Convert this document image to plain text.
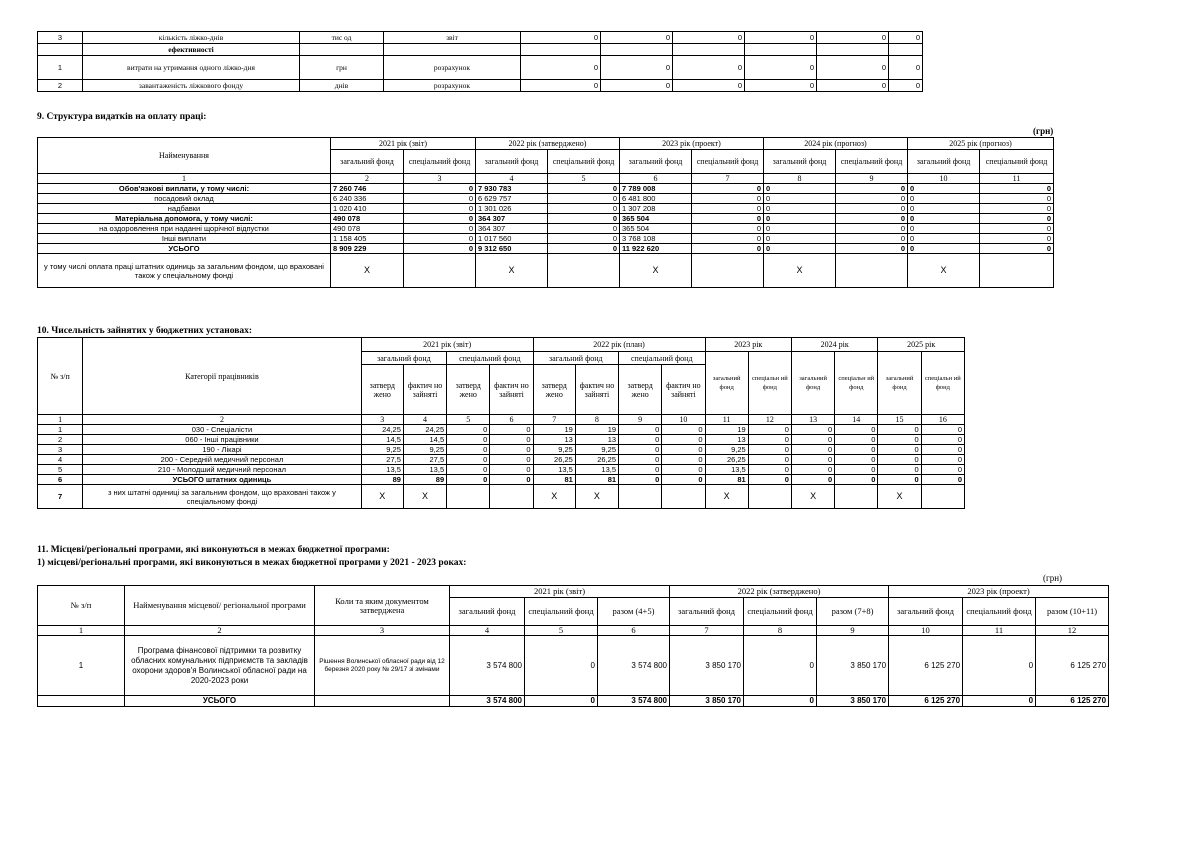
3	кількість ліжко-днів	тис од	звіт	0	0	0	0	0	0	
	ефективності									
1	витрати на утримання одного ліжко-дня	грн	розрахунок	0	0	0	0	0	0	
2	завантаженість ліжкового фонду	днів	розрахунок	0	0	0	0	0	0	
9. Структура видатків на оплату праці:
(грн)
Найменування	2021 рік (звіт)		2022 рік (затверджено)		2023 рік (проект)		2024 рік (прогноз)		2025 рік (прогноз)	
	загальний фонд	спеціальний фонд	загальний фонд	спеціальний фонд	загальний фонд	спеціальний фонд	загальний фонд	спеціальний фонд	загальний фонд	спеціальний фонд
1	2	3	4	5	6	7	8	9	10	11
Обов'язкові виплати, у тому числі:	7 260 746	0	7 930 783	0	7 789 008	0	0	0	0	0
посадовий оклад	6 240 336	0	6 629 757	0	6 481 800	0	0	0	0	0
надбавки	1 020 410	0	1 301 026	0	1 307 208	0	0	0	0	0
Матеріальна допомога, у тому числі:	490 078	0	364 307	0	365 504	0	0	0	0	0
на оздоровлення при наданні щорічної відпустки	490 078	0	364 307	0	365 504	0	0	0	0	0
Інші виплати	1 158 405	0	1 017 560	0	3 768 108	0	0	0	0	0
УСЬОГО	8 909 229	0	9 312 650	0	11 922 620	0	0	0	0	0
у тому числі оплата праці штатних одиниць за загальним фондом, що враховані також у спеціальному фонді	X		X		X		X		X	
10. Чисельність зайнятих у бюджетних установах:
№ з/п	Категорії працівників	2021 рік (звіт)				2022 рік (план)				2023 рік		2024 рік		2025 рік	
		загальний фонд		спеціальний фонд		загальний фонд		спеціальний фонд		загальний фонд	спеціальн ий фонд	загальний фонд	спеціальн ий фонд	загальний фонд	спеціальн ий фонд
		затверд жено	фактич но зайняті	затверд жено	фактич но зайняті	затверд жено	фактич но зайняті	затверд жено	фактич но зайняті						
1	2	3	4	5	6	7	8	9	10	11	12	13	14	15	16
1	030 - Спеціалісти	24,25	24,25	0	0	19	19	0	0	19	0	0	0	0	0
2	060 - Інші працівники	14,5	14,5	0	0	13	13	0	0	13	0	0	0	0	0
3	190 - Лікарі	9,25	9,25	0	0	9,25	9,25	0	0	9,25	0	0	0	0	0
4	200 - Середній медичний персонал	27,5	27,5	0	0	26,25	26,25	0	0	26,25	0	0	0	0	0
5	210 - Молодший медичний персонал	13,5	13,5	0	0	13,5	13,5	0	0	13,5	0	0	0	0	0
6	УСЬОГО штатних одиниць	89	89	0	0	81	81	0	0	81	0	0	0	0	0
7	з них штатні одиниці за загальним фондом, що враховані також у спеціальному фонді	X	X			X	X			X		X		X	
11. Місцеві/регіональні програми, які виконуються в межах бюджетної програми:
1) місцеві/регіональні програми, які виконуються в межах бюджетної програми у 2021 - 2023 роках:
(грн)
№ з/п	Найменування місцевої/ регіональної програми	Коли та яким документом затверджена	2021 рік (звіт)			2022 рік (затверджено)			2023 рік (проект)		
			загальний фонд	спеціальний фонд	разом (4+5)	загальний фонд	спеціальний фонд	разом (7+8)	загальний фонд	спеціальний фонд	разом (10+11)
1	2	3	4	5	6	7	8	9	10	11	12
1	Програма фінансової підтримки та розвитку обласних комунальних підприємств та закладів охорони здоров'я Волинської обласної ради на 2020-2023 роки	Рішення Волинської обласної ради від 12 березня 2020 року № 29/17 зі змінами	3 574 800	0	3 574 800	3 850 170	0	3 850 170	6 125 270	0	6 125 270
	УСЬОГО		3 574 800	0	3 574 800	3 850 170	0	3 850 170	6 125 270	0	6 125 270
